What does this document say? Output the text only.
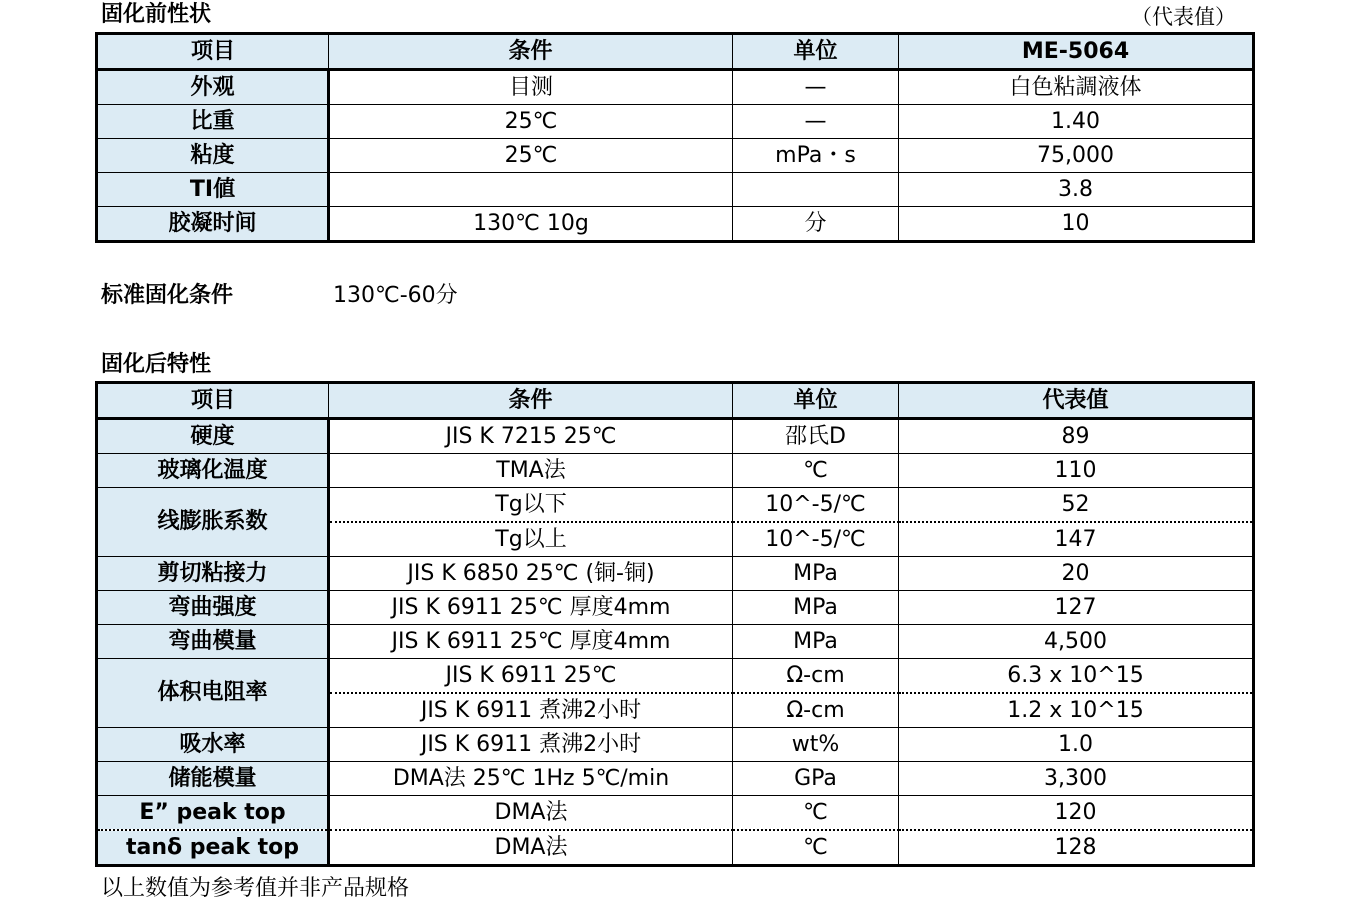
固化前性状	（代表值）
项目	条件	单位	ME-5064
外观	目测	—	白色粘調液体
比重	25℃	—	1.40
粘度	25℃	mPa・s	75,000
TI値			3.8
胶凝时间	130℃ 10g	分	10
标准固化条件	130℃-60分
固化后特性
项目	条件	单位	代表值
硬度	JIS K 7215 25℃	邵氏D	89
玻璃化温度	TMA法	℃	110
线膨胀系数	Tg以下	10^-5/℃	52
	Tg以上	10^-5/℃	147
剪切粘接力	JIS K 6850 25℃ (铜-铜)	MPa	20
弯曲强度	JIS K 6911 25℃ 厚度4mm	MPa	127
弯曲模量	JIS K 6911 25℃ 厚度4mm	MPa	4,500
体积电阻率	JIS K 6911 25℃	Ω-cm	6.3 x 10^15
	JIS K 6911 煮沸2小时	Ω-cm	1.2 x 10^15
吸水率	JIS K 6911 煮沸2小时	wt%	1.0
储能模量	DMA法 25℃ 1Hz 5℃/min	GPa	3,300
E” peak top	DMA法	℃	120
tanδ peak top	DMA法	℃	128
以上数值为参考值并非产品规格
